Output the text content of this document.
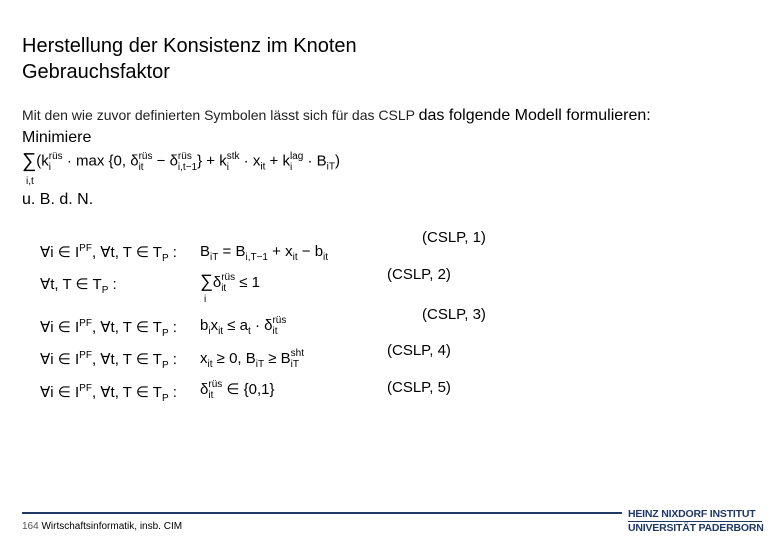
Herstellung der Konsistenz im Knoten
Gebrauchsfaktor
Mit den wie zuvor definierten Symbolen lässt sich für das CSLP das folgende Modell formulieren:
Minimiere
∑(krüs
i · max {0, δrüs
it − δrüs
i,t−1} + kstk
$i \cdot x_{it}$ + klag
$i \cdot B_{iT}$)
i,t
u. B. d. N.
∀i ∈ $I^{PF}$, ∀t, T ∈ $T_P$ : $B_{iT} = B_{i,T-1} + x_{it} - b_{it}$
(CSLP, 1)
∀t, T ∈ $T_P$ :	∑δrüs
it ≤ 1
i
(CSLP, 2)
∀i ∈ $I^{PF}$, ∀t, T ∈ $T_P$ : $b_ix_{it} \le a_t$ · δrüs
it
(CSLP, 3)
∀i ∈ $I^{PF}$, ∀t, T ∈ $T_P$ : $x_{it} \ge 0$, $B_{iT}$ ≥ Bsht
iT
(CSLP, 4)
∀i ∈ $I^{PF}$, ∀t, T ∈ $T_P$ : δrüs
it ∈ {0,1}	(CSLP, 5)
164 Wirtschaftsinformatik, insb. CIM
HEINZ NIXDORF INSTITUT
UNIVERSITÄT PADERBORN
